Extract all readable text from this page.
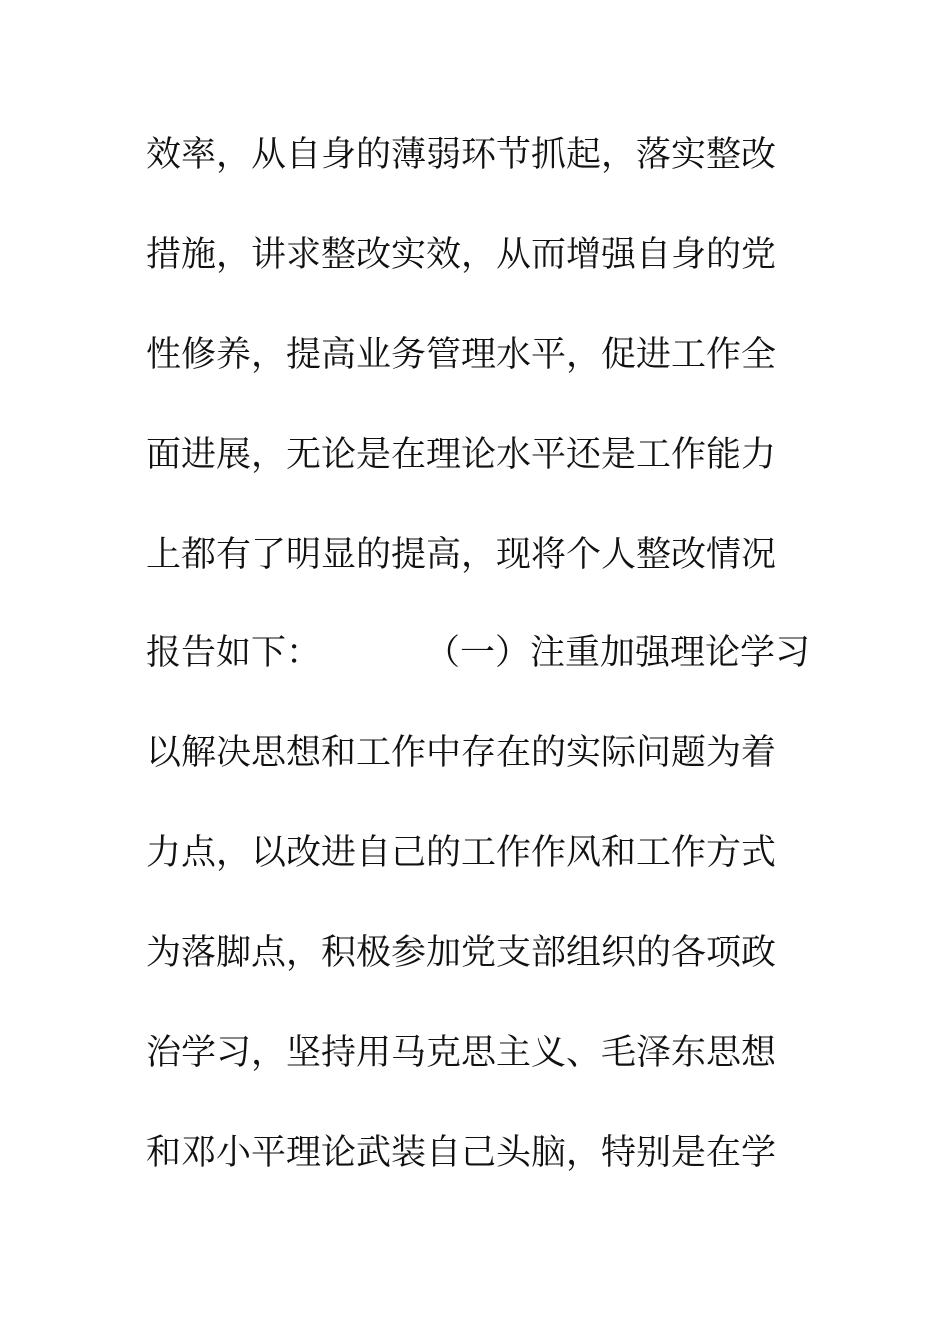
效率，从自身的薄弱环节抓起，落实整改
措施，讲求整改实效，从而增强自身的党
性修养，提高业务管理水平，促进工作全
面进展，无论是在理论水平还是工作能力
上都有了明显的提高，现将个人整改情况
报告如下：	（一）注重加强理论学习
以解决思想和工作中存在的实际问题为着
力点，以改进自己的工作作风和工作方式
为落脚点，积极参加党支部组织的各项政
治学习，坚持用马克思主义、毛泽东思想
和邓小平理论武装自己头脑，特别是在学
